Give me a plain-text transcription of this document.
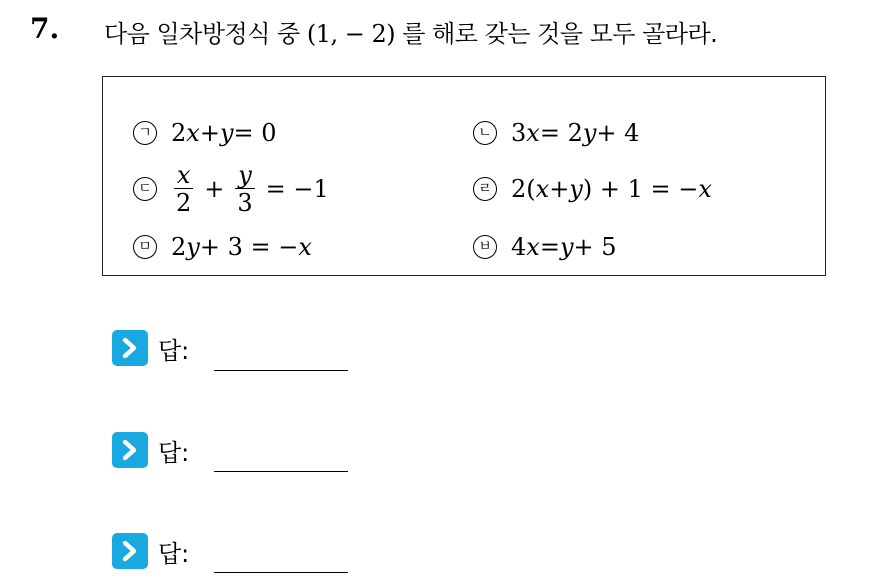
7. 다음 일차방정식 중 (1, − 2) 를 해로 갖는 것을 모두 골라라.
ㄱ 2 x + y = 0	ㄴ 3 x = 2 y + 4
ㄷ $\frac{x}{2} + \frac{y}{3} = -1$	ㄹ 2( x + y ) + 1 = − x
ㅁ 2 y + 3 = − x	ㅂ 4 x = y + 5
답:
답:
답:
